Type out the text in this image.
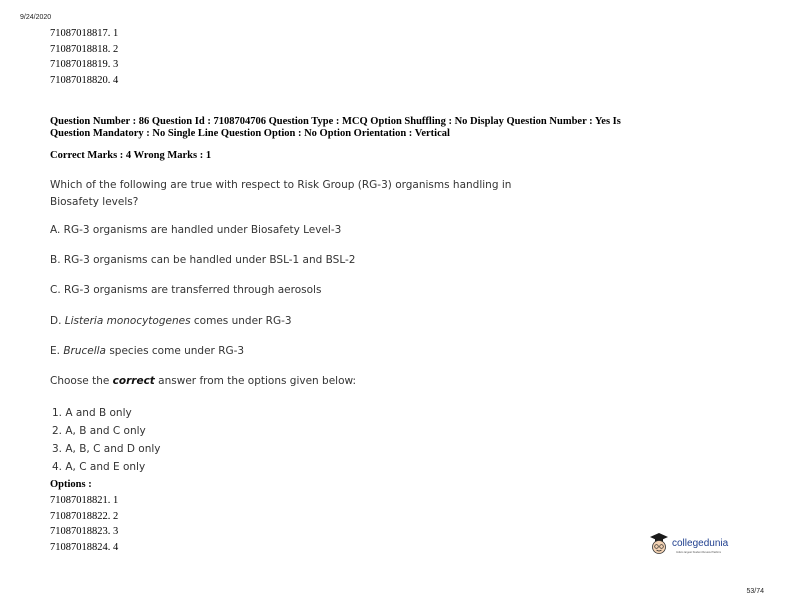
9/24/2020
71087018817. 1
71087018818. 2
71087018819. 3
71087018820. 4
Question Number : 86 Question Id : 7108704706 Question Type : MCQ Option Shuffling : No Display Question Number : Yes Is
Question Mandatory : No Single Line Question Option : No Option Orientation : Vertical
Correct Marks : 4 Wrong Marks : 1
Which of the following are true with respect to Risk Group (RG-3) organisms handling in
Biosafety levels?
A. RG-3 organisms are handled under Biosafety Level-3
B. RG-3 organisms can be handled under BSL-1 and BSL-2
C. RG-3 organisms are transferred through aerosols
D. Listeria monocytogenes comes under RG-3
E. Brucella species come under RG-3
Choose the correct answer from the options given below:
1. A and B only
2. A, B and C only
3. A, B, C and D only
4. A, C and E only
Options :
71087018821. 1
71087018822. 2
71087018823. 3
71087018824. 4	collegedunia
India's largest Student Review Platform
53/74
